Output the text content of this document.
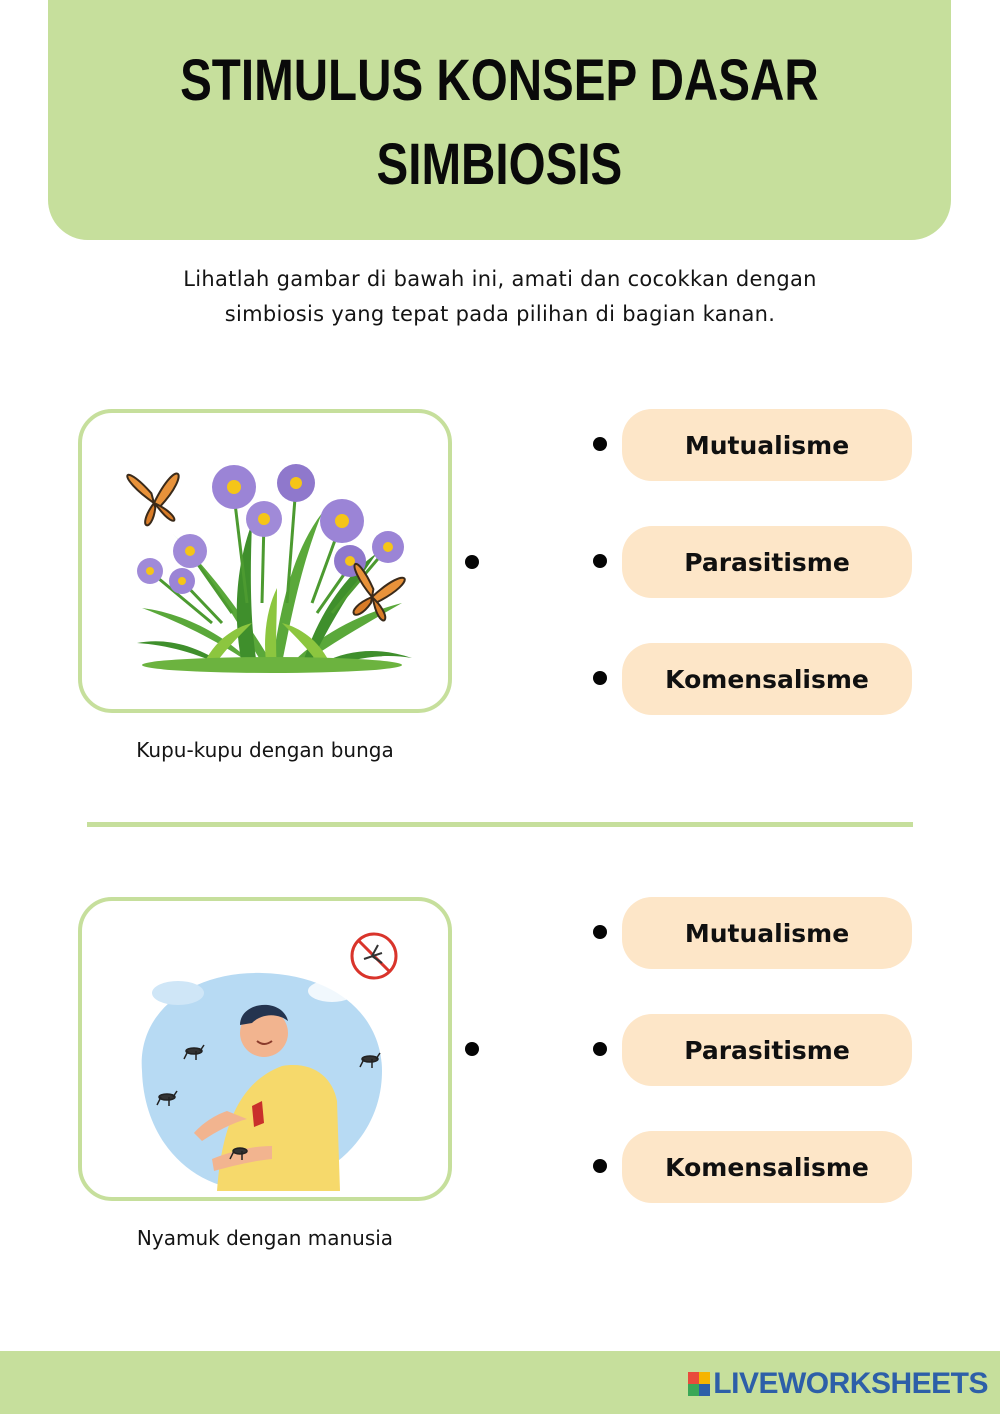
STIMULUS KONSEP DASAR
SIMBIOSIS
Lihatlah gambar di bawah ini, amati dan cocokkan dengan
simbiosis yang tepat pada pilihan di bagian kanan.
Kupu-kupu dengan bunga
Mutualisme
Parasitisme
Komensalisme
Nyamuk dengan manusia
Mutualisme
Parasitisme
Komensalisme
LIVEWORKSHEETS
